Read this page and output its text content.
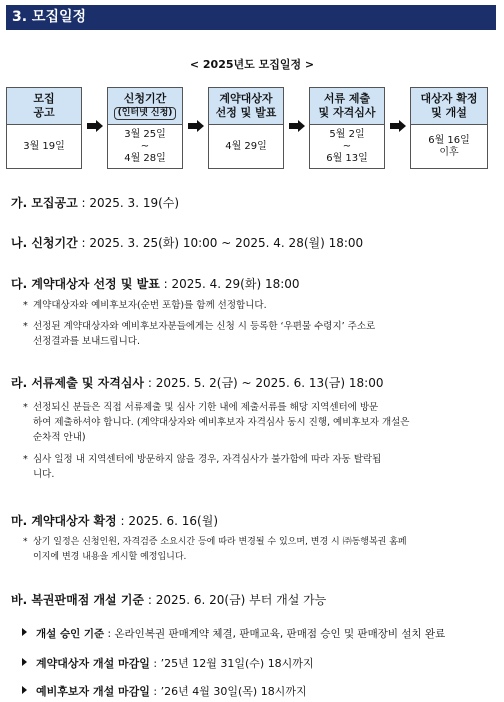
3. 모집일정
< 2025년도 모집일정 >
모집
공고
3월 19일
신청기간
(인터넷 신청)
3월 25일
~
4월 28일
계약대상자
선정 및 발표
4월 29일
서류 제출
및 자격심사
5월 2일
~
6월 13일
대상자 확정
및 개설
6월 16일
이후
가. 모집공고 : 2025. 3. 19(수)
나. 신청기간 : 2025. 3. 25(화) 10:00 ~ 2025. 4. 28(월) 18:00
다. 계약대상자 선정 및 발표 : 2025. 4. 29(화) 18:00
* 계약대상자와 예비후보자(순번 포함)를 함께 선정합니다.
* 선정된 계약대상자와 예비후보자분들에게는 신청 시 등록한 ‘우편물 수령지’ 주소로
선정결과를 보내드립니다.
라. 서류제출 및 자격심사 : 2025. 5. 2(금) ~ 2025. 6. 13(금) 18:00
* 선정되신 분들은 직접 서류제출 및 심사 기한 내에 제출서류를 해당 지역센터에 방문
하여 제출하셔야 합니다. (계약대상자와 예비후보자 자격심사 동시 진행, 예비후보자 개설은
순차적 안내)
* 심사 일정 내 지역센터에 방문하지 않을 경우, 자격심사가 불가함에 따라 자동 탈락됩
니다.
마. 계약대상자 확정 : 2025. 6. 16(월)
* 상기 일정은 신청인원, 자격검증 소요시간 등에 따라 변경될 수 있으며, 변경 시 ㈜동행복권 홈페
이지에 변경 내용을 게시할 예정입니다.
바. 복권판매점 개설 기준 : 2025. 6. 20(금) 부터 개설 가능
개설 승인 기준 : 온라인복권 판매계약 체결, 판매교육, 판매점 승인 및 판매장비 설치 완료
계약대상자 개설 마감일 : ’25년 12월 31일(수) 18시까지
예비후보자 개설 마감일 : ’26년 4월 30일(목) 18시까지
